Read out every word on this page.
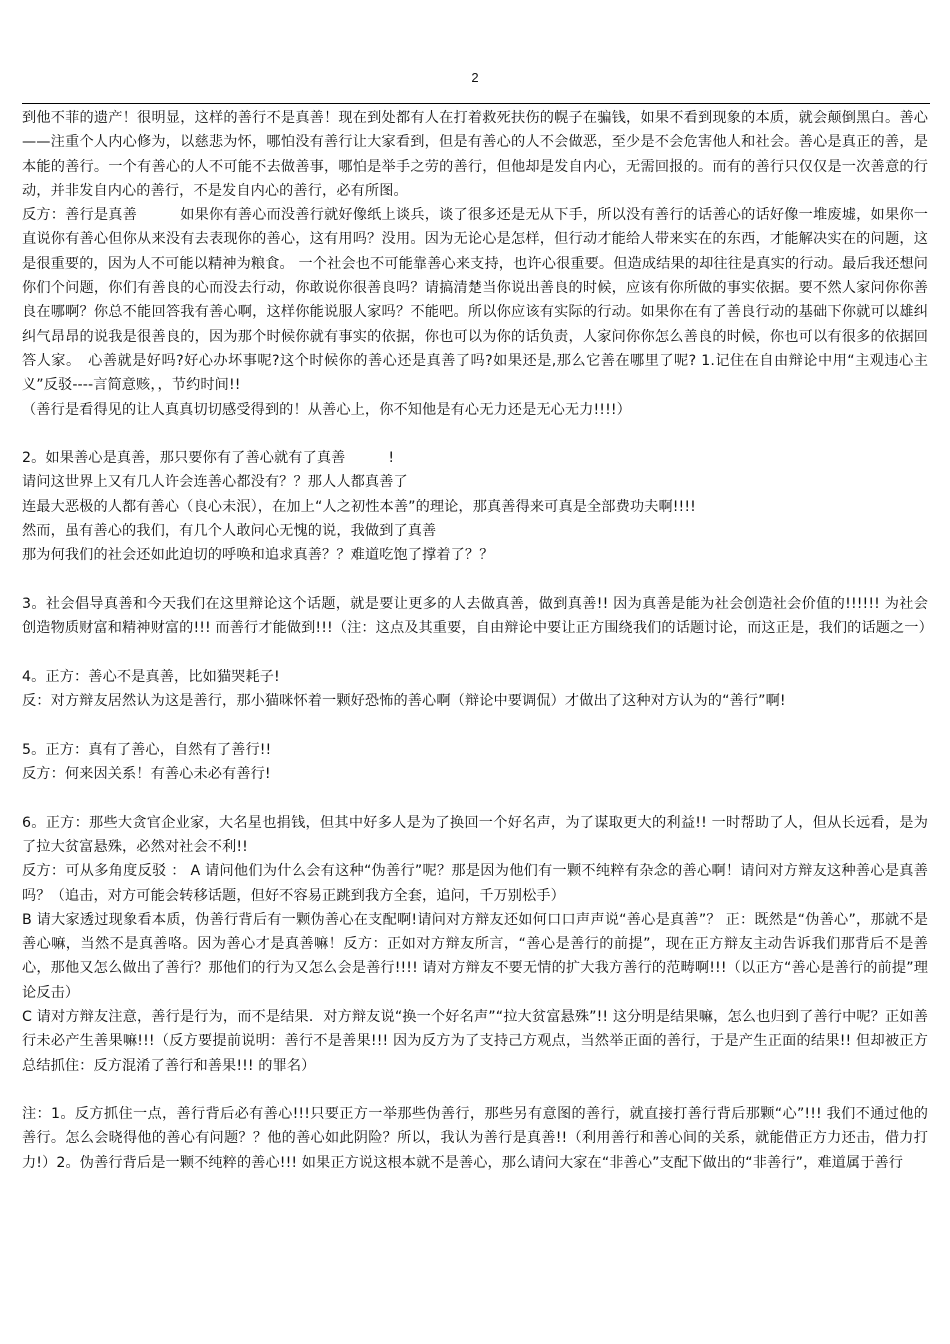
2

到他不菲的遗产！很明显，这样的善行不是真善！现在到处都有人在打着救死扶伤的幌子在骗钱，如果不看到现象的本质，就会颠倒黑白。善心——注重个人内心修为，以慈悲为怀，哪怕没有善行让大家看到，但是有善心的人不会做恶，至少是不会危害他人和社会。善心是真正的善，是本能的善行。一个有善心的人不可能不去做善事，哪怕是举手之劳的善行，但他却是发自内心，无需回报的。而有的善行只仅仅是一次善意的行动，并非发自内心的善行，不是发自内心的善行，必有所图。

反方：善行是真善　　　如果你有善心而没善行就好像纸上谈兵，谈了很多还是无从下手，所以没有善行的话善心的话好像一堆废墟，如果你一直说你有善心但你从来没有去表现你的善心，这有用吗？没用。因为无论心是怎样，但行动才能给人带来实在的东西，才能解决实在的问题，这是很重要的，因为人不可能以精神为粮食。 一个社会也不可能靠善心来支持，也许心很重要。但造成结果的却往往是真实的行动。最后我还想问你们个问题，你们有善良的心而没去行动，你敢说你很善良吗？请搞清楚当你说出善良的时候，应该有你所做的事实依据。要不然人家问你你善良在哪啊？你总不能回答我有善心啊，这样你能说服人家吗？不能吧。所以你应该有实际的行动。如果你在有了善良行动的基础下你就可以雄纠纠气昂昂的说我是很善良的，因为那个时候你就有事实的依据，你也可以为你的话负责，人家问你你怎么善良的时候，你也可以有很多的依据回答人家。　心善就是好吗?好心办坏事呢?这个时候你的善心还是真善了吗?如果还是,那么它善在哪里了呢? 1.记住在自由辩论中用“主观违心主义”反驳----言简意赅，，节约时间!!

（善行是看得见的让人真真切切感受得到的！从善心上，你不知他是有心无力还是无心无力!!!!）

2。如果善心是真善，那只要你有了善心就有了真善　　　!

请问这世界上又有几人许会连善心都没有？？那人人都真善了

连最大恶极的人都有善心（良心未泯），在加上“人之初性本善”的理论，那真善得来可真是全部费功夫啊!!!!

然而，虽有善心的我们，有几个人敢问心无愧的说，我做到了真善

那为何我们的社会还如此迫切的呼唤和追求真善？？难道吃饱了撑着了？？

3。社会倡导真善和今天我们在这里辩论这个话题，就是要让更多的人去做真善，做到真善!! 因为真善是能为社会创造社会价值的!!!!!! 为社会创造物质财富和精神财富的!!! 而善行才能做到!!!（注：这点及其重要，自由辩论中要让正方围绕我们的话题讨论，而这正是，我们的话题之一）

4。正方：善心不是真善，比如猫哭耗子!

反：对方辩友居然认为这是善行，那小猫咪怀着一颗好恐怖的善心啊（辩论中要调侃）才做出了这种对方认为的“善行”啊!

5。正方：真有了善心，自然有了善行!!

反方：何来因关系！有善心未必有善行!

6。正方：那些大贪官企业家，大名星也捐钱，但其中好多人是为了换回一个好名声，为了谋取更大的利益!! 一时帮助了人，但从长远看，是为了拉大贫富悬殊，必然对社会不利!!

反方：可从多角度反驳 ： A 请问他们为什么会有这种“伪善行”呢？那是因为他们有一颗不纯粹有杂念的善心啊！请问对方辩友这种善心是真善吗？（追击，对方可能会转移话题，但好不容易正跳到我方全套，追问，千万别松手）

B 请大家透过现象看本质，伪善行背后有一颗伪善心在支配啊!请问对方辩友还如何口口声声说“善心是真善”？ 正：既然是“伪善心”，那就不是善心嘛，当然不是真善咯。因为善心才是真善嘛！反方：正如对方辩友所言，“善心是善行的前提”，现在正方辩友主动告诉我们那背后不是善心，那他又怎么做出了善行？那他们的行为又怎么会是善行!!!! 请对方辩友不要无情的扩大我方善行的范畴啊!!!（以正方“善心是善行的前提”理论反击）

C 请对方辩友注意，善行是行为，而不是结果．对方辩友说“换一个好名声”“拉大贫富悬殊”!! 这分明是结果嘛，怎么也归到了善行中呢？正如善行未必产生善果嘛!!!（反方要提前说明：善行不是善果!!! 因为反方为了支持己方观点，当然举正面的善行，于是产生正面的结果!! 但却被正方总结抓住：反方混淆了善行和善果!!! 的罪名）

注：1。反方抓住一点，善行背后必有善心!!!只要正方一举那些伪善行，那些另有意图的善行，就直接打善行背后那颗“心”!!! 我们不通过他的善行。怎么会晓得他的善心有问题？？他的善心如此阴险？所以，我认为善行是真善!!（利用善行和善心间的关系，就能借正方力还击，借力打力!）2。伪善行背后是一颗不纯粹的善心!!! 如果正方说这根本就不是善心，那么请问大家在“非善心”支配下做出的“非善行”，难道属于善行
